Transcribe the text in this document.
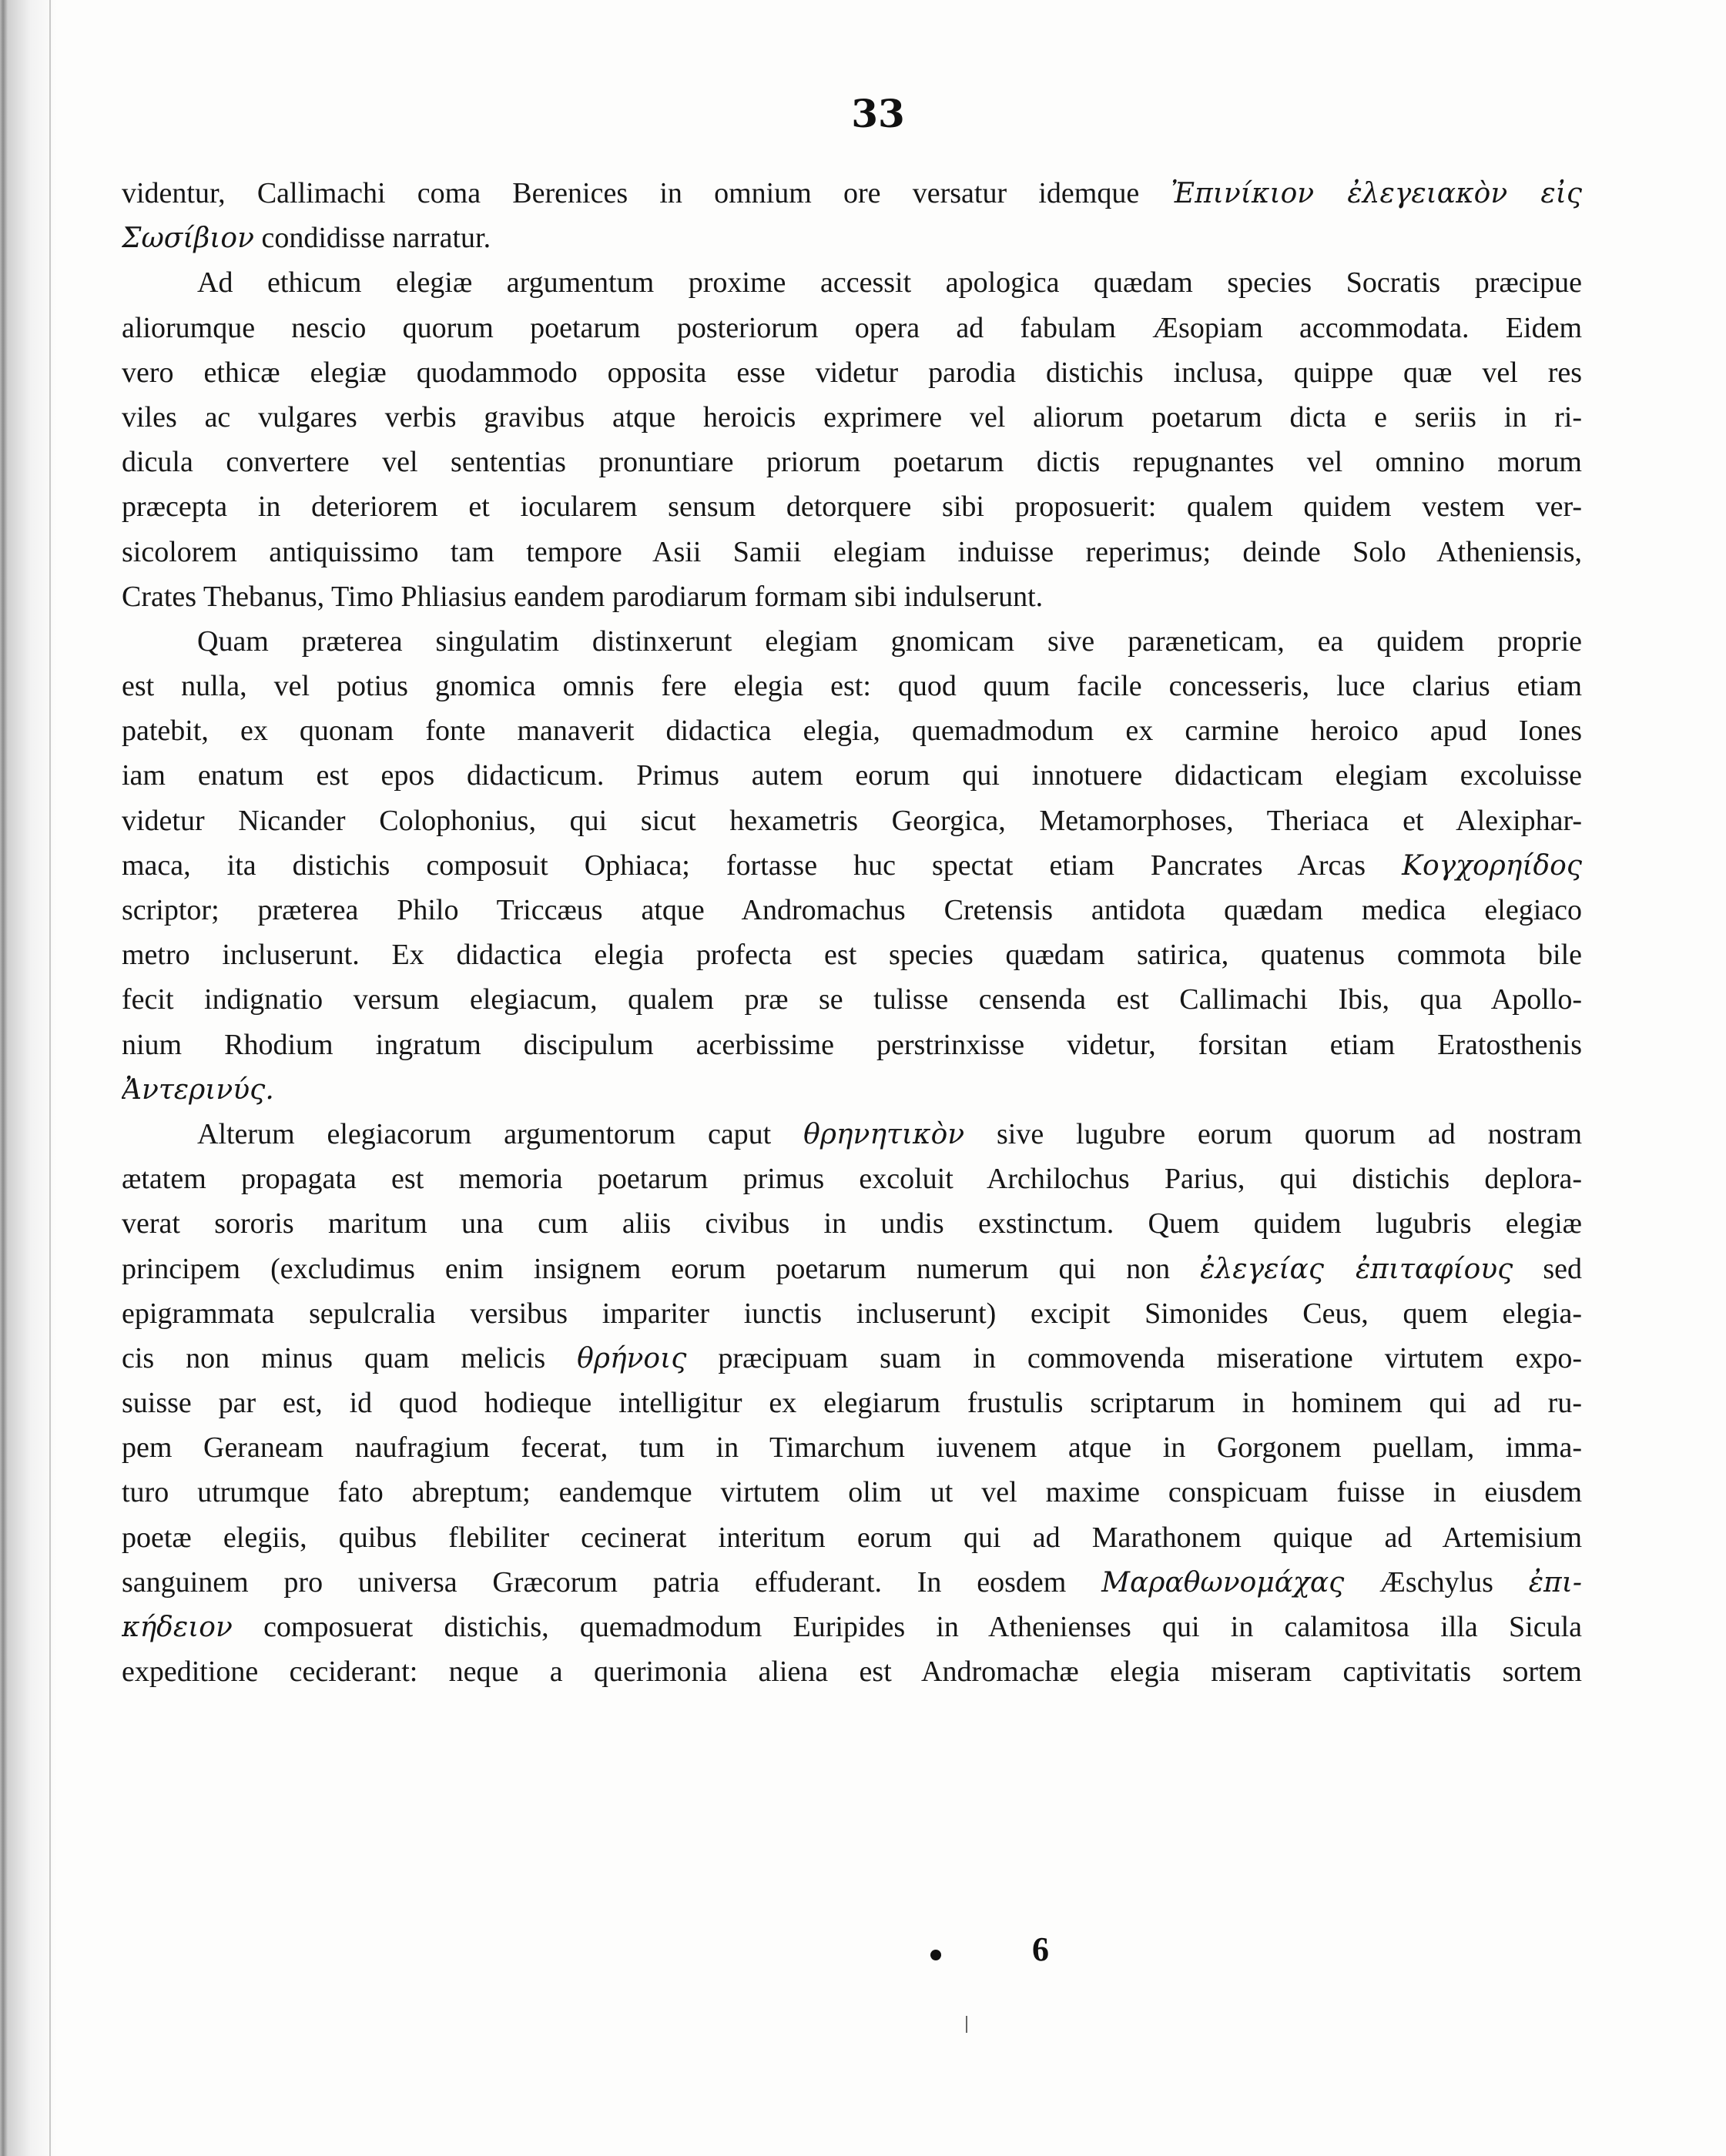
33
videntur, Callimachi coma Berenices in omnium ore versatur idemque Ἐπινίκιον ἐλεγειακὸν εἰς
Σωσίβιον condidisse narratur.
Ad ethicum elegiæ argumentum proxime accessit apologica quædam species Socratis præcipue
aliorumque nescio quorum poetarum posteriorum opera ad fabulam Æsopiam accommodata. Eidem
vero ethicæ elegiæ quodammodo opposita esse videtur parodia distichis inclusa, quippe quæ vel res
viles ac vulgares verbis gravibus atque heroicis exprimere vel aliorum poetarum dicta e seriis in ri-
dicula convertere vel sententias pronuntiare priorum poetarum dictis repugnantes vel omnino morum
præcepta in deteriorem et iocularem sensum detorquere sibi proposuerit: qualem quidem vestem ver-
sicolorem antiquissimo tam tempore Asii Samii elegiam induisse reperimus; deinde Solo Atheniensis,
Crates Thebanus, Timo Phliasius eandem parodiarum formam sibi indulserunt.
Quam præterea singulatim distinxerunt elegiam gnomicam sive paræneticam, ea quidem proprie
est nulla, vel potius gnomica omnis fere elegia est: quod quum facile concesseris, luce clarius etiam
patebit, ex quonam fonte manaverit didactica elegia, quemadmodum ex carmine heroico apud Iones
iam enatum est epos didacticum. Primus autem eorum qui innotuere didacticam elegiam excoluisse
videtur Nicander Colophonius, qui sicut hexametris Georgica, Metamorphoses, Theriaca et Alexiphar-
maca, ita distichis composuit Ophiaca; fortasse huc spectat etiam Pancrates Arcas Κογχορηίδος
scriptor; præterea Philo Triccæus atque Andromachus Cretensis antidota quædam medica elegiaco
metro incluserunt. Ex didactica elegia profecta est species quædam satirica, quatenus commota bile
fecit indignatio versum elegiacum, qualem præ se tulisse censenda est Callimachi Ibis, qua Apollo-
nium Rhodium ingratum discipulum acerbissime perstrinxisse videtur, forsitan etiam Eratosthenis
Ἀντερινύς.
Alterum elegiacorum argumentorum caput θρηνητικὸν sive lugubre eorum quorum ad nostram
ætatem propagata est memoria poetarum primus excoluit Archilochus Parius, qui distichis deplora-
verat sororis maritum una cum aliis civibus in undis exstinctum. Quem quidem lugubris elegiæ
principem (excludimus enim insignem eorum poetarum numerum qui non ἐλεγείας ἐπιταφίους sed
epigrammata sepulcralia versibus impariter iunctis incluserunt) excipit Simonides Ceus, quem elegia-
cis non minus quam melicis θρήνοις præcipuam suam in commovenda miseratione virtutem expo-
suisse par est, id quod hodieque intelligitur ex elegiarum frustulis scriptarum in hominem qui ad ru-
pem Geraneam naufragium fecerat, tum in Timarchum iuvenem atque in Gorgonem puellam, imma-
turo utrumque fato abreptum; eandemque virtutem olim ut vel maxime conspicuam fuisse in eiusdem
poetæ elegiis, quibus flebiliter cecinerat interitum eorum qui ad Marathonem quique ad Artemisium
sanguinem pro universa Græcorum patria effuderant. In eosdem Μαραθωνομάχας Æschylus ἐπι-
κήδειον composuerat distichis, quemadmodum Euripides in Athenienses qui in calamitosa illa Sicula
expeditione ceciderant: neque a querimonia aliena est Andromachæ elegia miseram captivitatis sortem
6
